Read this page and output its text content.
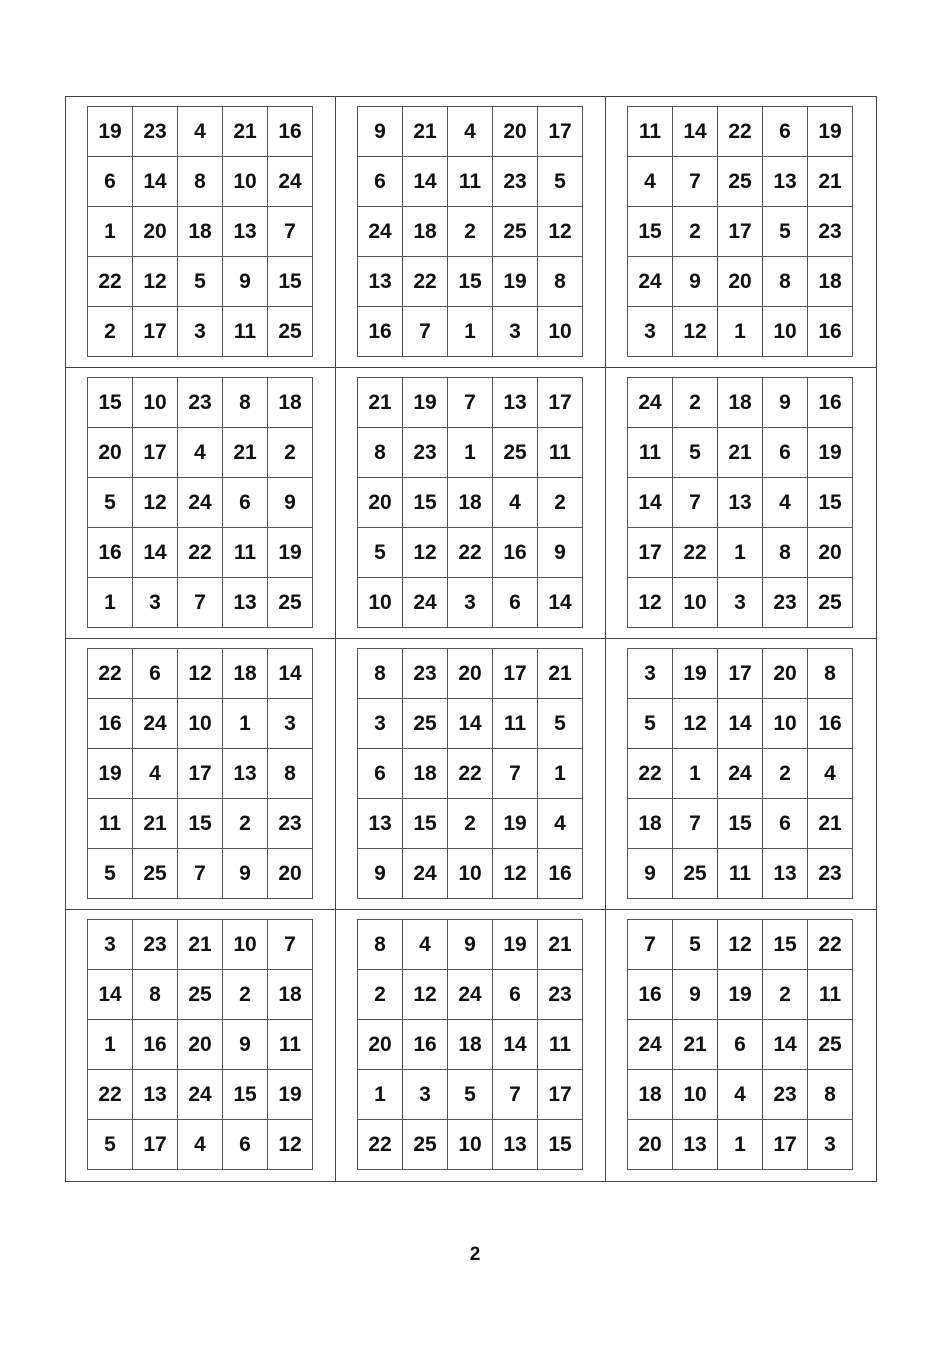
19	23	4	21	16
6	14	8	10	24
1	20	18	13	7
22	12	5	9	15
2	17	3	11	25
9	21	4	20	17
6	14	11	23	5
24	18	2	25	12
13	22	15	19	8
16	7	1	3	10
11	14	22	6	19
4	7	25	13	21
15	2	17	5	23
24	9	20	8	18
3	12	1	10	16
15	10	23	8	18
20	17	4	21	2
5	12	24	6	9
16	14	22	11	19
1	3	7	13	25
21	19	7	13	17
8	23	1	25	11
20	15	18	4	2
5	12	22	16	9
10	24	3	6	14
24	2	18	9	16
11	5	21	6	19
14	7	13	4	15
17	22	1	8	20
12	10	3	23	25
22	6	12	18	14
16	24	10	1	3
19	4	17	13	8
11	21	15	2	23
5	25	7	9	20
8	23	20	17	21
3	25	14	11	5
6	18	22	7	1
13	15	2	19	4
9	24	10	12	16
3	19	17	20	8
5	12	14	10	16
22	1	24	2	4
18	7	15	6	21
9	25	11	13	23
3	23	21	10	7
14	8	25	2	18
1	16	20	9	11
22	13	24	15	19
5	17	4	6	12
8	4	9	19	21
2	12	24	6	23
20	16	18	14	11
1	3	5	7	17
22	25	10	13	15
7	5	12	15	22
16	9	19	2	11
24	21	6	14	25
18	10	4	23	8
20	13	1	17	3
2
